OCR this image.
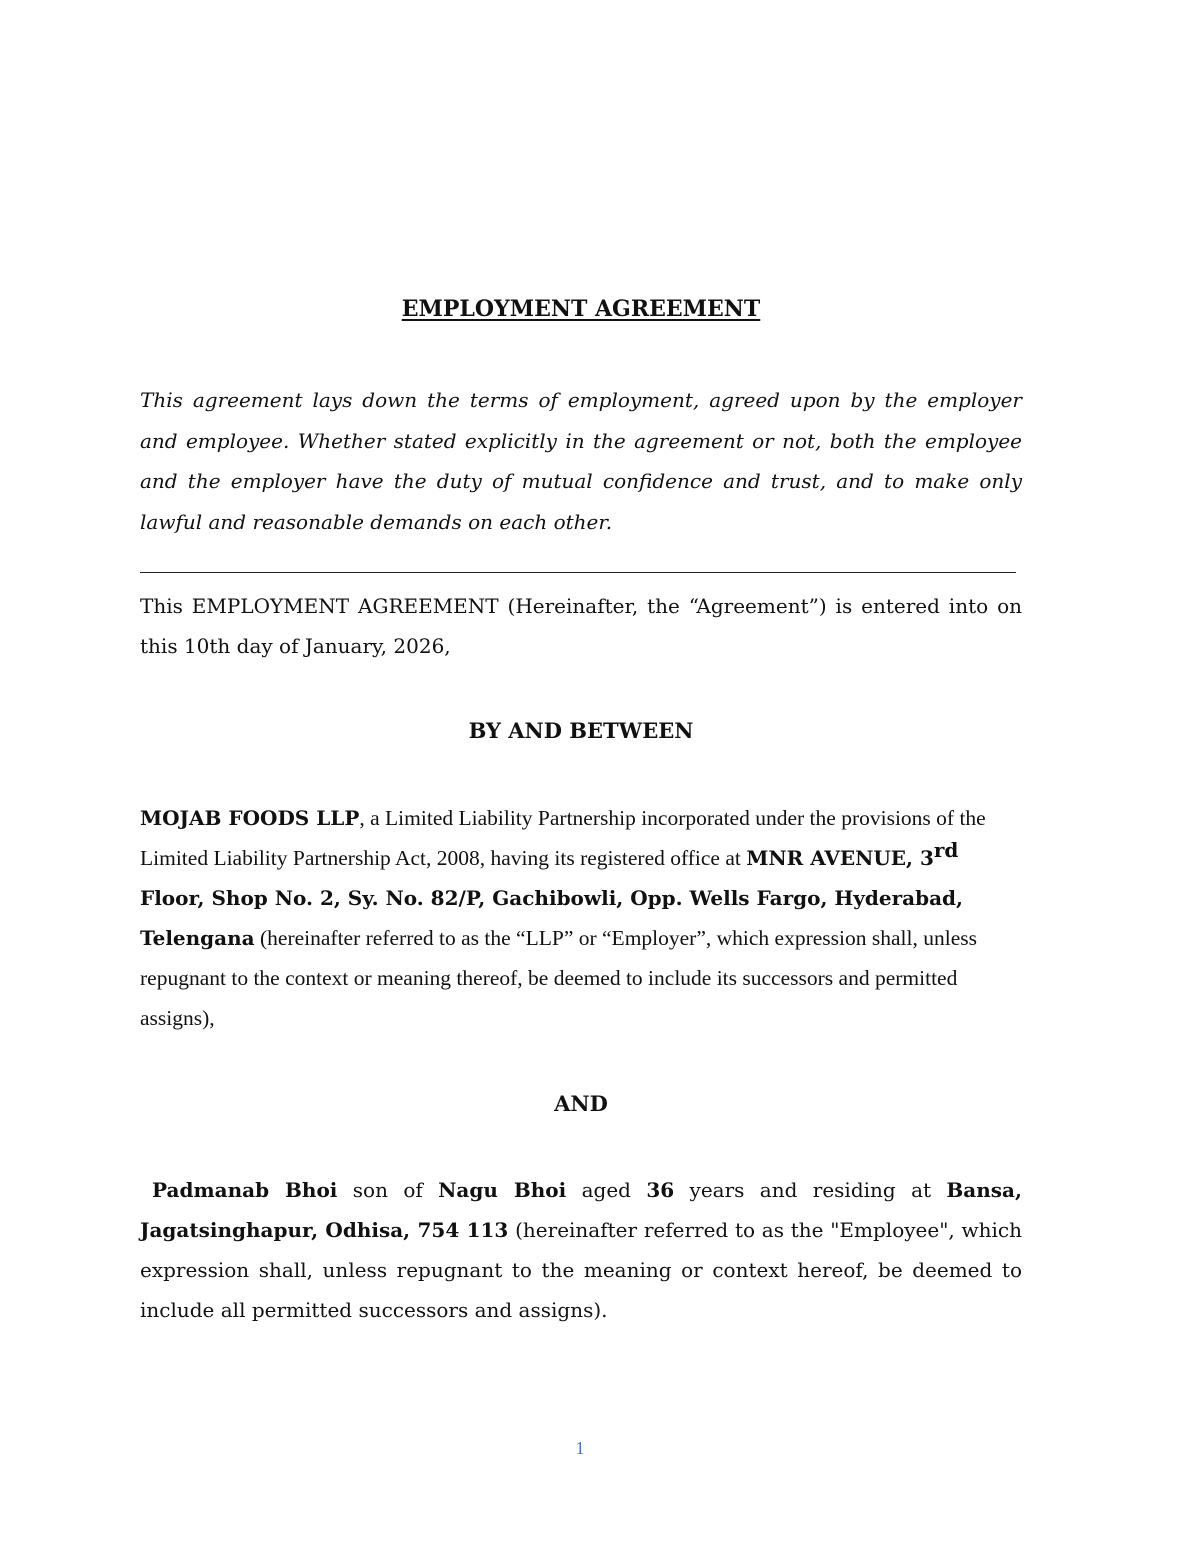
EMPLOYMENT AGREEMENT

This agreement lays down the terms of employment, agreed upon by the employer and employee. Whether stated explicitly in the agreement or not, both the employee and the employer have the duty of mutual confidence and trust, and to make only lawful and reasonable demands on each other.

This EMPLOYMENT AGREEMENT (Hereinafter, the “Agreement”) is entered into on this 10th day of January, 2026,

BY AND BETWEEN

MOJAB FOODS LLP, a Limited Liability Partnership incorporated under the provisions of the Limited Liability Partnership Act, 2008, having its registered office at MNR AVENUE, 3rd Floor, Shop No. 2, Sy. No. 82/P, Gachibowli, Opp. Wells Fargo, Hyderabad, Telengana (hereinafter referred to as the “LLP” or “Employer”, which expression shall, unless repugnant to the context or meaning thereof, be deemed to include its successors and permitted assigns),

AND

Padmanab Bhoi son of Nagu Bhoi aged 36 years and residing at Bansa, Jagatsinghapur, Odhisa, 754 113 (hereinafter referred to as the "Employee", which expression shall, unless repugnant to the meaning or context hereof, be deemed to include all permitted successors and assigns).

1
